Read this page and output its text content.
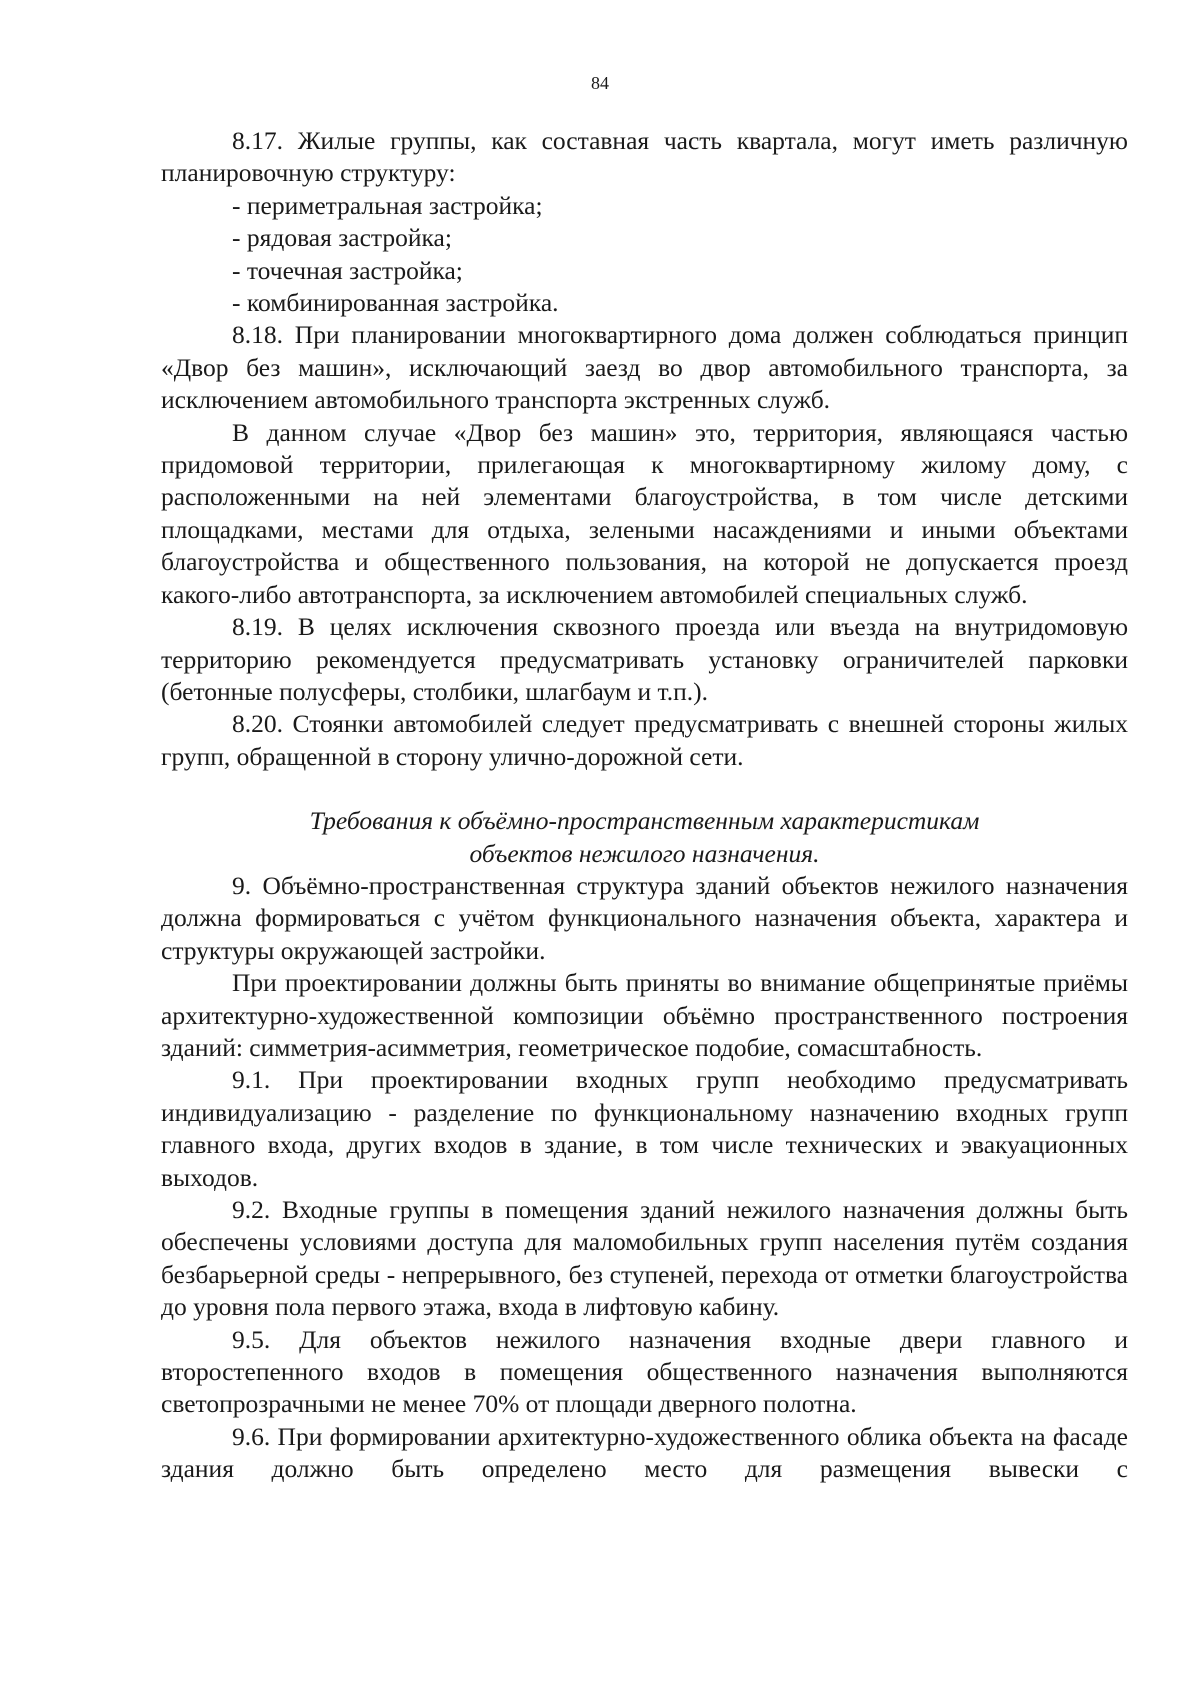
84

8.17. Жилые группы, как составная часть квартала, могут иметь различную планировочную структуру:

- периметральная застройка;

- рядовая застройка;

- точечная застройка;

- комбинированная застройка.

8.18. При планировании многоквартирного дома должен соблюдаться принцип «Двор без машин», исключающий заезд во двор автомобильного транспорта, за исключением автомобильного транспорта экстренных служб.

В данном случае «Двор без машин» это, территория, являющаяся частью придомовой территории, прилегающая к многоквартирному жилому дому, с расположенными на ней элементами благоустройства, в том числе детскими площадками, местами для отдыха, зелеными насаждениями и иными объектами благоустройства и общественного пользования, на которой не допускается проезд какого-либо автотранспорта, за исключением автомобилей специальных служб.

8.19. В целях исключения сквозного проезда или въезда на внутридомовую территорию рекомендуется предусматривать установку ограничителей парковки (бетонные полусферы, столбики, шлагбаум и т.п.).

8.20. Стоянки автомобилей следует предусматривать с внешней стороны жилых групп, обращенной в сторону улично-дорожной сети.

Требования к объёмно-пространственным характеристикам
объектов нежилого назначения.

9. Объёмно-пространственная структура зданий объектов нежилого назначения должна формироваться с учётом функционального назначения объекта, характера и структуры окружающей застройки.

При проектировании должны быть приняты во внимание общепринятые приёмы архитектурно-художественной композиции объёмно пространственного построения зданий: симметрия-асимметрия, геометрическое подобие, сомасштабность.

9.1. При проектировании входных групп необходимо предусматривать индивидуализацию - разделение по функциональному назначению входных групп главного входа, других входов в здание, в том числе технических и эвакуационных выходов.

9.2. Входные группы в помещения зданий нежилого назначения должны быть обеспечены условиями доступа для маломобильных групп населения путём создания безбарьерной среды - непрерывного, без ступеней, перехода от отметки благоустройства до уровня пола первого этажа, входа в лифтовую кабину.

9.5. Для объектов нежилого назначения входные двери главного и второстепенного входов в помещения общественного назначения выполняются светопрозрачными не менее 70% от площади дверного полотна.

9.6. При формировании архитектурно-художественного облика объекта на фасаде здания должно быть определено место для размещения вывески с
